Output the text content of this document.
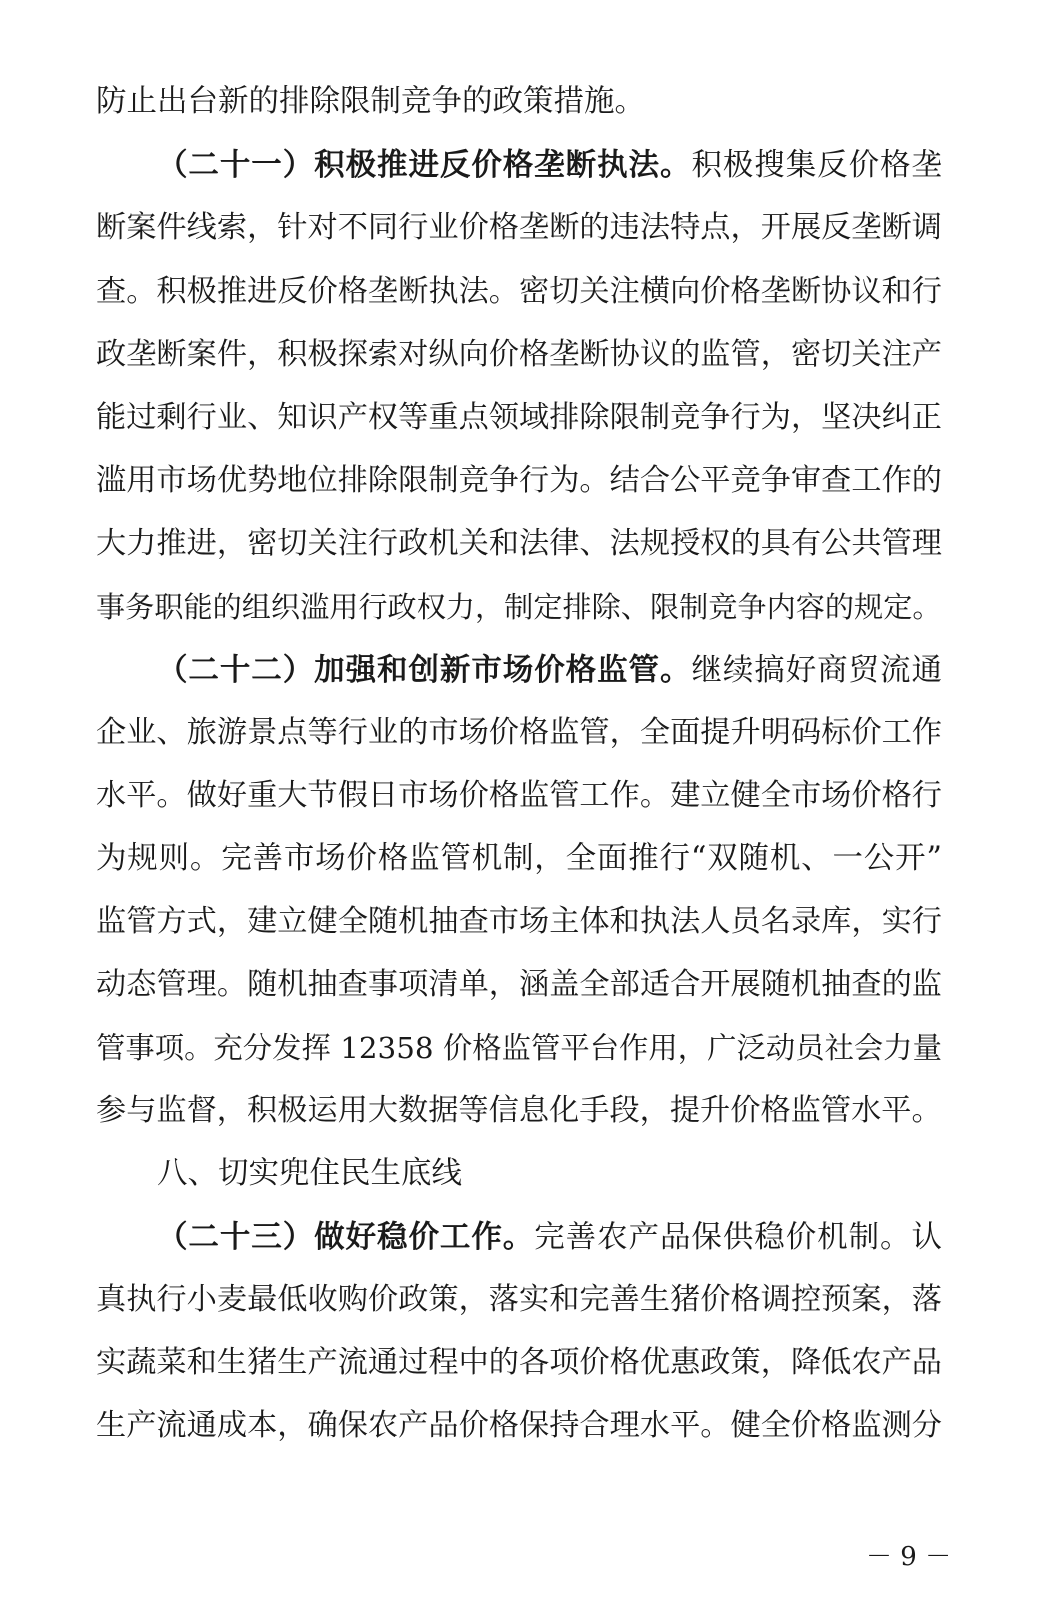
防止出台新的排除限制竞争的政策措施。
（二十一）积极推进反价格垄断执法。积极搜集反价格垄
断案件线索，针对不同行业价格垄断的违法特点，开展反垄断调
查。积极推进反价格垄断执法。密切关注横向价格垄断协议和行
政垄断案件，积极探索对纵向价格垄断协议的监管，密切关注产
能过剩行业、知识产权等重点领域排除限制竞争行为，坚决纠正
滥用市场优势地位排除限制竞争行为。结合公平竞争审查工作的
大力推进，密切关注行政机关和法律、法规授权的具有公共管理
事务职能的组织滥用行政权力，制定排除、限制竞争内容的规定。
（二十二）加强和创新市场价格监管。继续搞好商贸流通
企业、旅游景点等行业的市场价格监管，全面提升明码标价工作
水平。做好重大节假日市场价格监管工作。建立健全市场价格行
为规则。完善市场价格监管机制，全面推行“双随机、一公开”
监管方式，建立健全随机抽查市场主体和执法人员名录库，实行
动态管理。随机抽查事项清单，涵盖全部适合开展随机抽查的监
管事项。充分发挥 12358 价格监管平台作用，广泛动员社会力量
参与监督，积极运用大数据等信息化手段，提升价格监管水平。
八、切实兜住民生底线
（二十三）做好稳价工作。完善农产品保供稳价机制。认
真执行小麦最低收购价政策，落实和完善生猪价格调控预案，落
实蔬菜和生猪生产流通过程中的各项价格优惠政策，降低农产品
生产流通成本，确保农产品价格保持合理水平。健全价格监测分
－ 9 －
